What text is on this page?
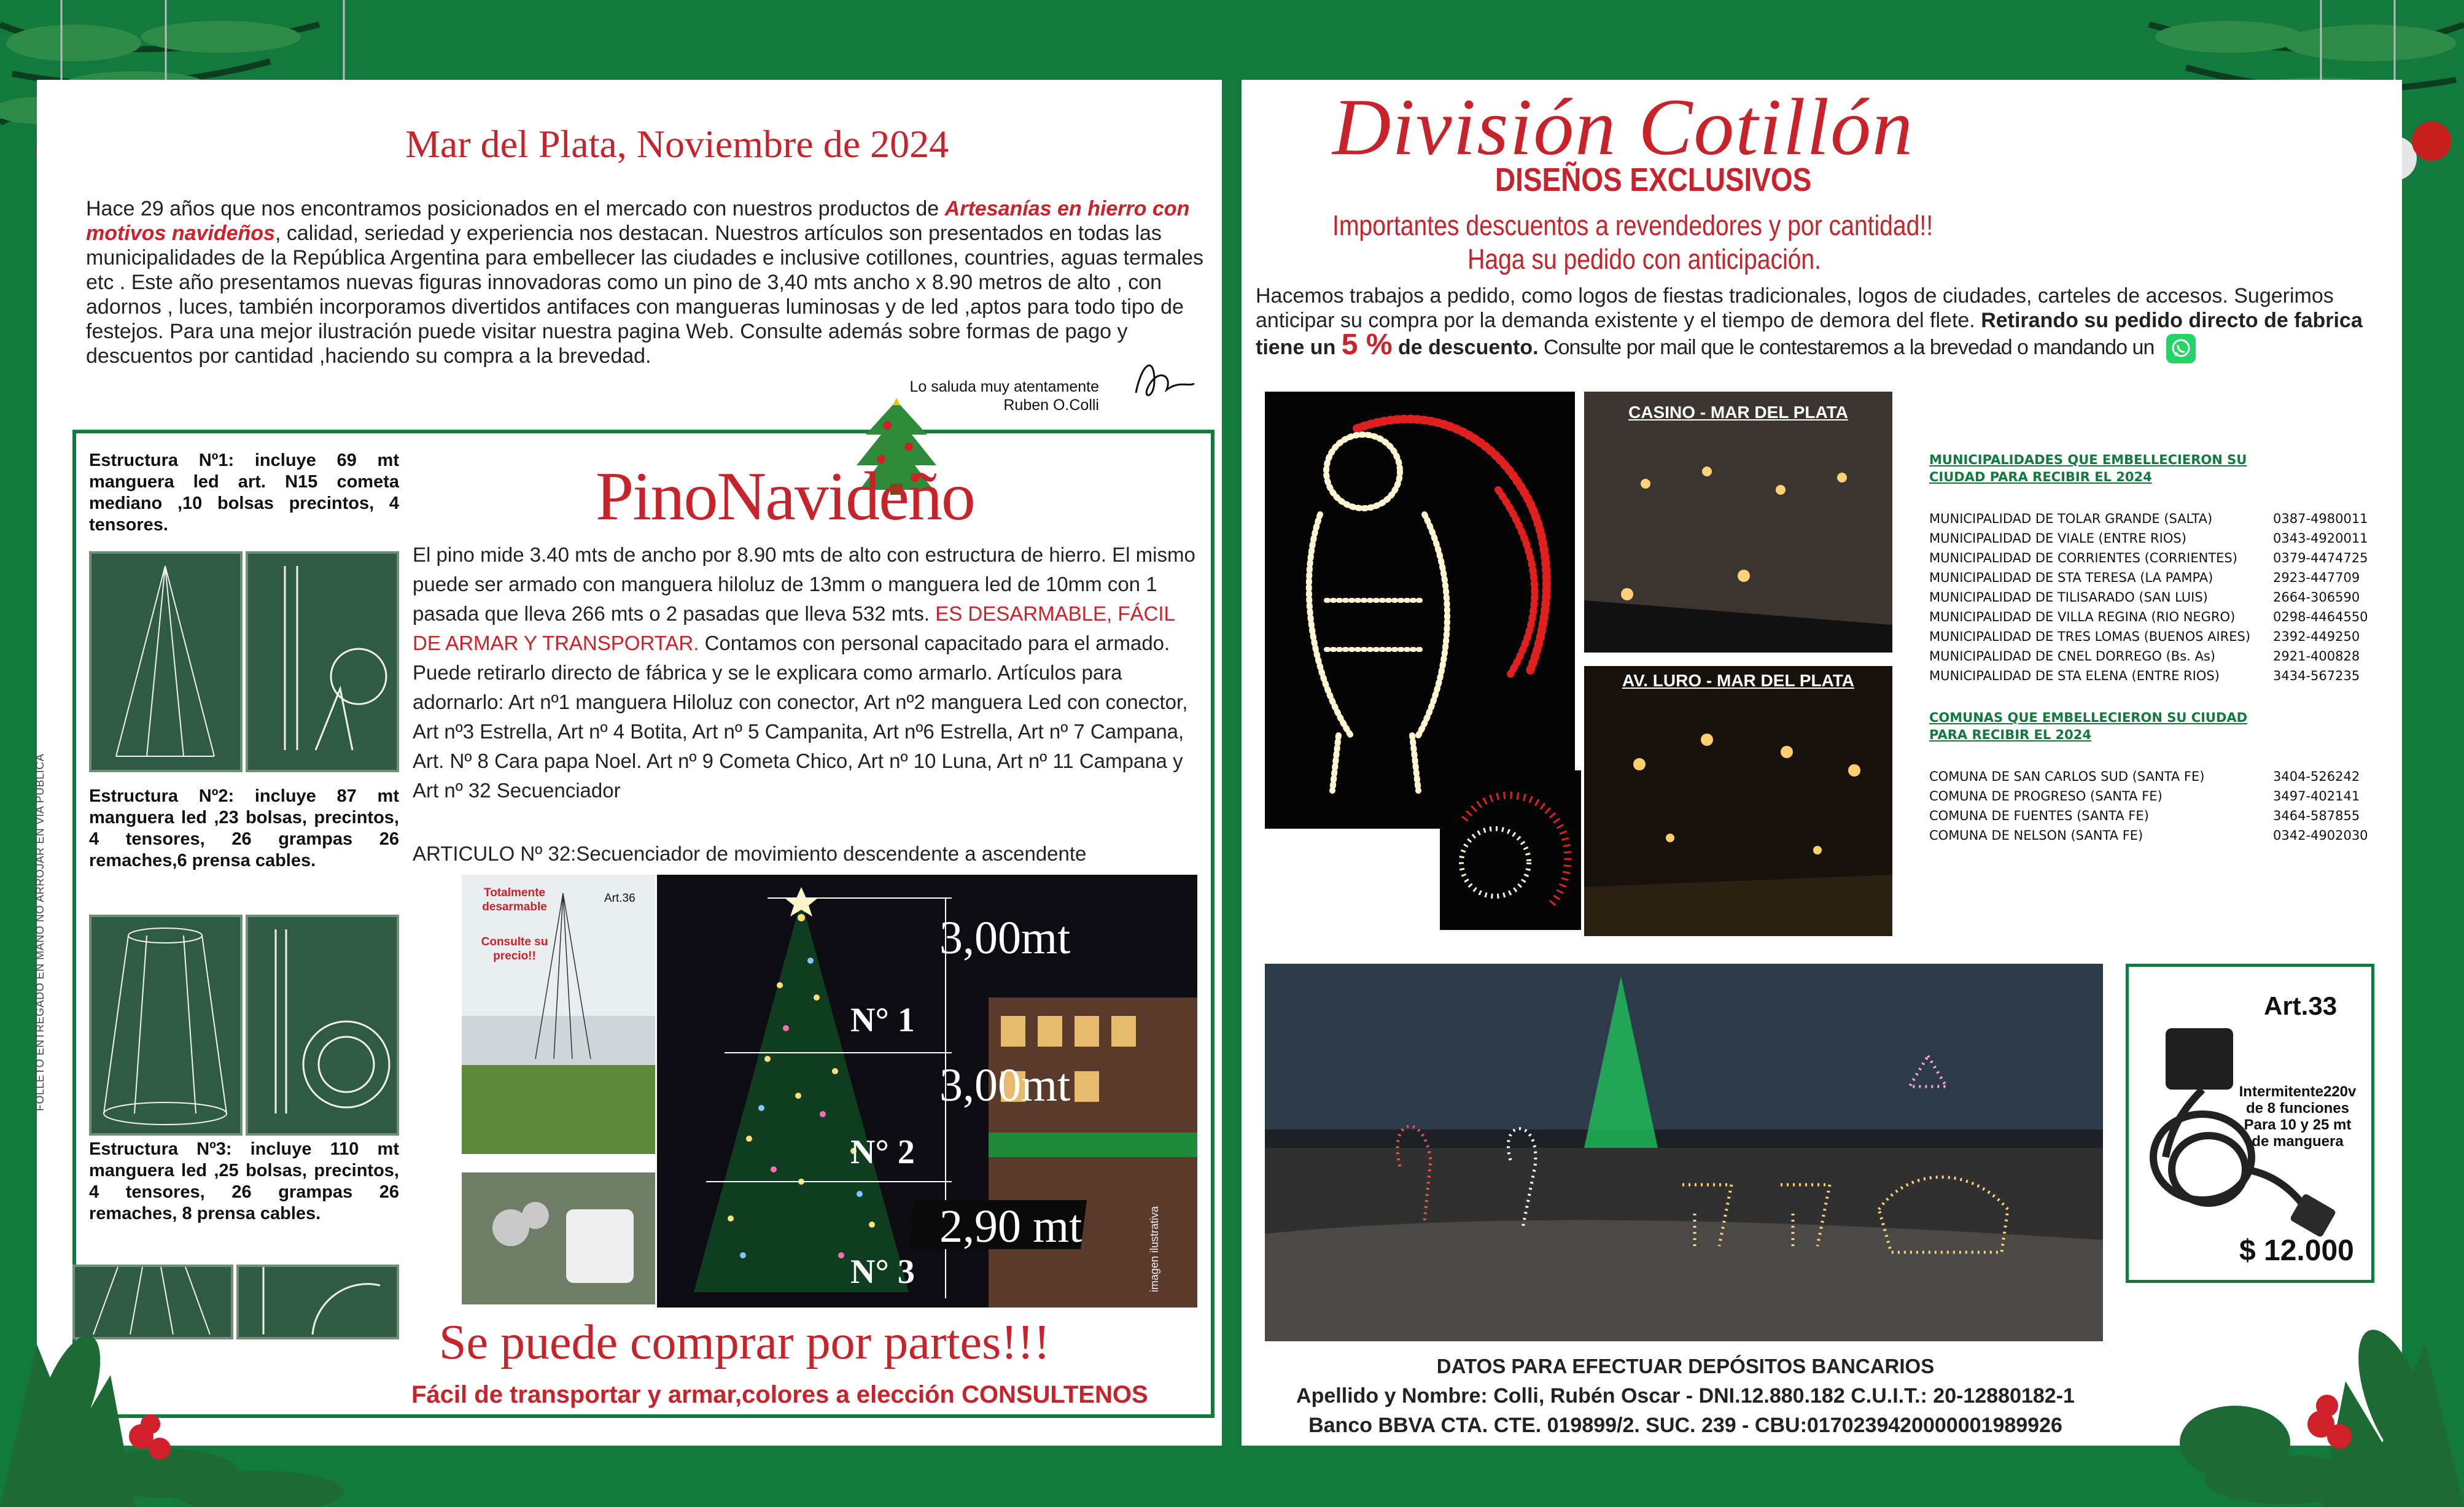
Mar del Plata, Noviembre de 2024

Hace 29 años que nos encontramos posicionados en el mercado con nuestros productos de Artesanías en hierro con motivos navideños, calidad, seriedad y experiencia nos destacan. Nuestros artículos son presentados en todas las municipalidades de la República Argentina para embellecer las ciudades e inclusive cotillones, countries, aguas termales etc . Este año presentamos nuevas figuras innovadoras como un pino de 3,40 mts ancho x 8.90 metros de alto , con adornos , luces, también incorporamos divertidos antifaces con mangueras luminosas y de led ,aptos para todo tipo de festejos. Para una mejor ilustración puede visitar nuestra pagina Web. Consulte además sobre formas de pago y descuentos por cantidad ,haciendo su compra a la brevedad.

Lo saluda muy atentamente
Ruben O.Colli
FOLLETO ENTREGADO EN MANO NO ARROJAR EN VIA PUBLICA
PinoNavideño
Estructura Nº1: incluye 69 mt manguera led art. N15 cometa mediano ,10 bolsas precintos, 4 tensores.
Estructura Nº2: incluye 87 mt manguera led ,23 bolsas, precintos, 4 tensores, 26 grampas 26 remaches,6 prensa cables.
Estructura Nº3: incluye 110 mt manguera led ,25 bolsas, precintos, 4 tensores, 26 grampas 26 remaches, 8 prensa cables.
El pino mide 3.40 mts de ancho por 8.90 mts de alto con estructura de hierro. El mismo puede ser armado con manguera hiloluz de 13mm o manguera led de 10mm con 1 pasada que lleva 266 mts o 2 pasadas que lleva 532 mts. ES DESARMABLE, FÁCIL DE ARMAR Y TRANSPORTAR. Contamos con personal capacitado para el armado. Puede retirarlo directo de fábrica y se le explicara como armarlo. Artículos para adornarlo: Art nº1 manguera Hiloluz con conector, Art nº2 manguera Led con conector, Art nº3 Estrella, Art nº 4 Botita, Art nº 5 Campanita, Art nº6 Estrella, Art nº 7 Campana, Art. Nº 8 Cara papa Noel. Art nº 9 Cometa Chico, Art nº 10 Luna, Art nº 11 Campana y Art nº 32 Secuenciador
ARTICULO Nº 32:Secuenciador de movimiento descendente a ascendente
Totalmente desarmable
Art.36
Consulte su precio!!	3,00mt
3,00mt
2,90 mt
N° 1
N° 2
N° 3	imagen ilustrativa
Se puede comprar por partes!!!
Fácil de transportar y armar,colores a elección CONSULTENOS
División Cotillón
DISEÑOS EXCLUSIVOS
Importantes descuentos a revendedores y por cantidad!!
Haga su pedido con anticipación.

Hacemos trabajos a pedido, como logos de fiestas tradicionales, logos de ciudades, carteles de accesos. Sugerimos anticipar su compra por la demanda existente y el tiempo de demora del flete. Retirando su pedido directo de fabrica tiene un 5 % de descuento. Consulte por mail que le contestaremos a la brevedad o mandando un

CASINO - MAR DEL PLATA
AV. LURO - MAR DEL PLATA
MUNICIPALIDADES QUE EMBELLECIERON SU CIUDAD PARA RECIBIR EL 2024
MUNICIPALIDAD DE TOLAR GRANDE (SALTA)	0387-4980011
MUNICIPALIDAD DE VIALE (ENTRE RIOS)	0343-4920011
MUNICIPALIDAD DE CORRIENTES (CORRIENTES)	0379-4474725
MUNICIPALIDAD DE STA TERESA (LA PAMPA)	2923-447709
MUNICIPALIDAD DE TILISARADO (SAN LUIS)	2664-306590
MUNICIPALIDAD DE VILLA REGINA (RIO NEGRO)	0298-4464550
MUNICIPALIDAD DE TRES LOMAS (BUENOS AIRES) 2392-449250
MUNICIPALIDAD DE CNEL DORREGO (Bs. As)	2921-400828
MUNICIPALIDAD DE STA ELENA (ENTRE RIOS)	3434-567235
COMUNAS QUE EMBELLECIERON SU CIUDAD PARA RECIBIR EL 2024
COMUNA DE SAN CARLOS SUD (SANTA FE)	3404-526242
COMUNA DE PROGRESO (SANTA FE)	3497-402141
COMUNA DE FUENTES (SANTA FE)	3464-587855
COMUNA DE NELSON (SANTA FE)	0342-4902030
Art.33
Intermitente220v
de 8 funciones
Para 10 y 25 mt
de manguera
$ 12.000
DATOS PARA EFECTUAR DEPÓSITOS BANCARIOS
Apellido y Nombre: Colli, Rubén Oscar - DNI.12.880.182 C.U.I.T.: 20-12880182-1
Banco BBVA CTA. CTE. 019899/2. SUC. 239 - CBU:0170239420000001989926
